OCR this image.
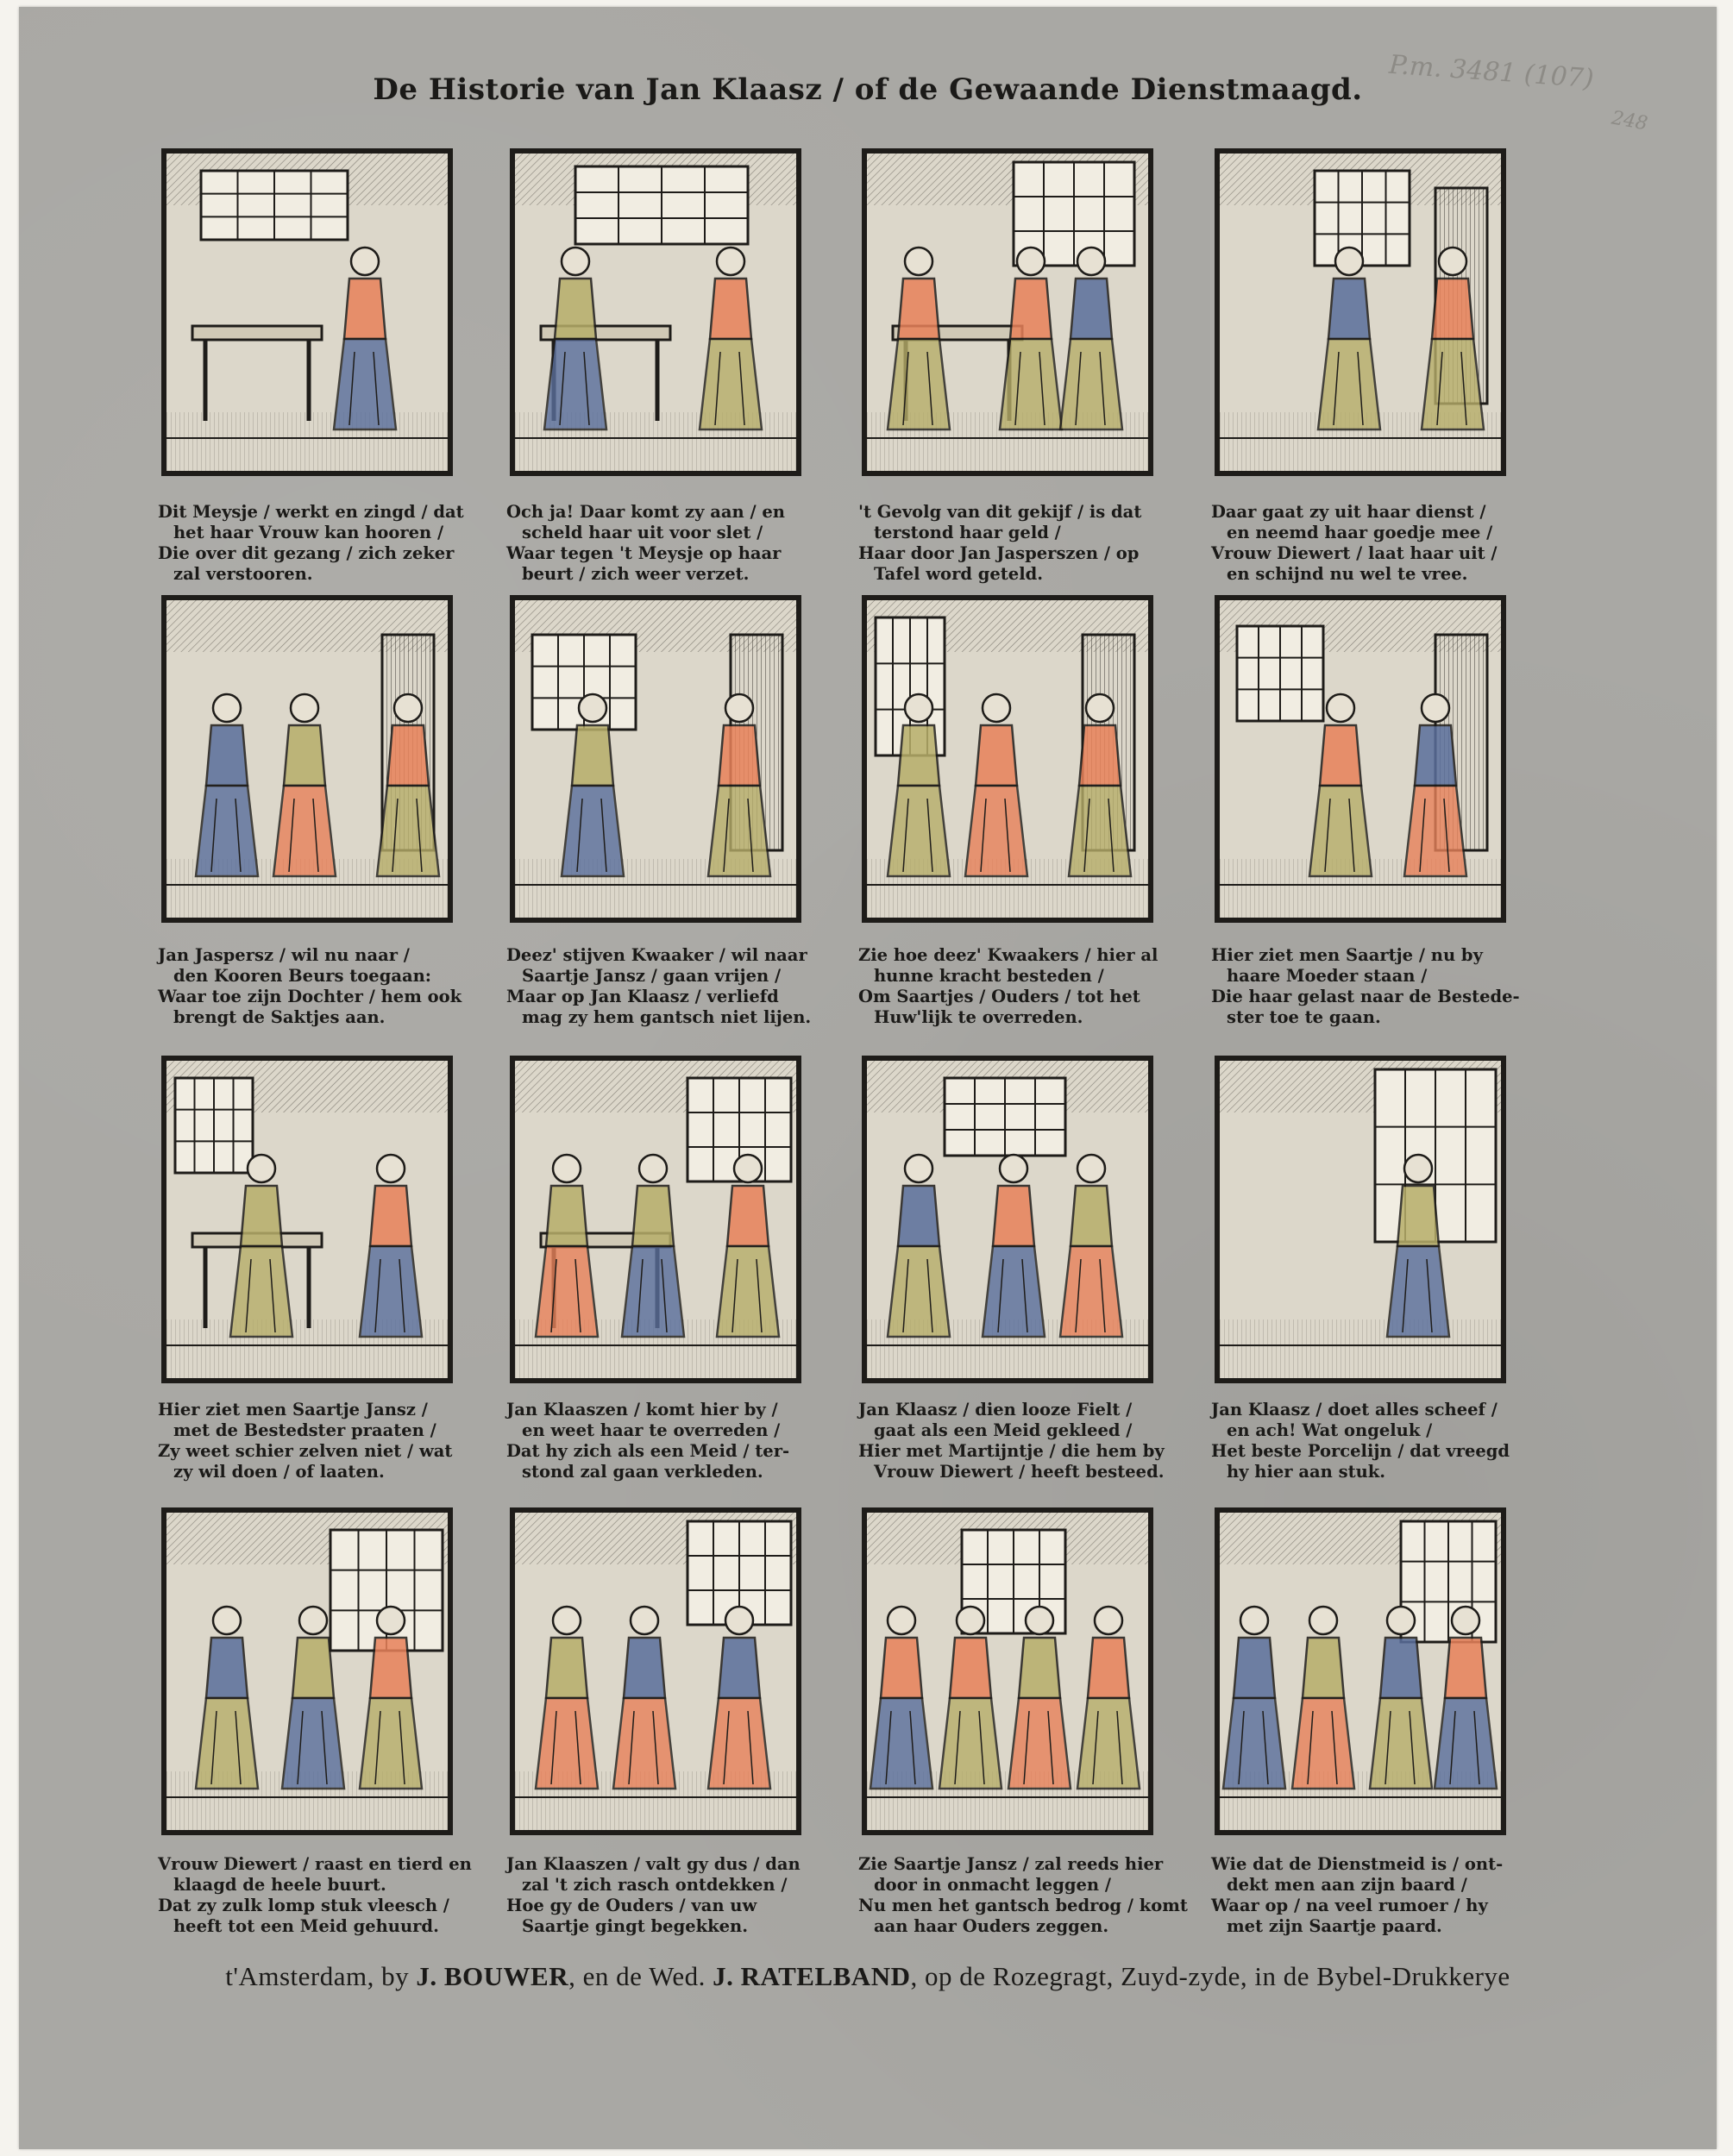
De Historie van Jan Klaasz / of de Gewaande Dienstmaagd. P.m. 3481 (107)
248
Dit Meysje / werkt en zingd / dat
het haar Vrouw kan hooren /
Die over dit gezang / zich zeker
zal verstooren.
Och ja! Daar komt zy aan / en
scheld haar uit voor slet /
Waar tegen 't Meysje op haar
beurt / zich weer verzet.
't Gevolg van dit gekijf / is dat
terstond haar geld /
Haar door Jan Jasperszen / op
Tafel word geteld.
Daar gaat zy uit haar dienst /
en neemd haar goedje mee /
Vrouw Diewert / laat haar uit /
en schijnd nu wel te vree.
Jan Jaspersz / wil nu naar /
den Kooren Beurs toegaan:
Waar toe zijn Dochter / hem ook
brengt de Saktjes aan.
Deez' stijven Kwaaker / wil naar
Saartje Jansz / gaan vrijen /
Maar op Jan Klaasz / verliefd
mag zy hem gantsch niet lijen.
Zie hoe deez' Kwaakers / hier al
hunne kracht besteden /
Om Saartjes / Ouders / tot het
Huw'lijk te overreden.
Hier ziet men Saartje / nu by
haare Moeder staan /
Die haar gelast naar de Bestede-
ster toe te gaan.
Hier ziet men Saartje Jansz /
met de Bestedster praaten /
Zy weet schier zelven niet / wat
zy wil doen / of laaten.
Jan Klaaszen / komt hier by /
en weet haar te overreden /
Dat hy zich als een Meid / ter-
stond zal gaan verkleden.
Jan Klaasz / dien looze Fielt /
gaat als een Meid gekleed /
Hier met Martijntje / die hem by
Vrouw Diewert / heeft besteed.
Jan Klaasz / doet alles scheef /
en ach! Wat ongeluk /
Het beste Porcelijn / dat vreegd
hy hier aan stuk.
Vrouw Diewert / raast en tierd en
klaagd de heele buurt.
Dat zy zulk lomp stuk vleesch /
heeft tot een Meid gehuurd.
Jan Klaaszen / valt gy dus / dan
zal 't zich rasch ontdekken /
Hoe gy de Ouders / van uw
Saartje gingt begekken.
Zie Saartje Jansz / zal reeds hier
door in onmacht leggen /
Nu men het gantsch bedrog / komt
aan haar Ouders zeggen.
Wie dat de Dienstmeid is / ont-
dekt men aan zijn baard /
Waar op / na veel rumoer / hy
met zijn Saartje paard.
t'Amsterdam, by J. BOUWER, en de Wed. J. RATELBAND, op de Rozegragt, Zuyd-zyde, in de Bybel-Drukkerye
